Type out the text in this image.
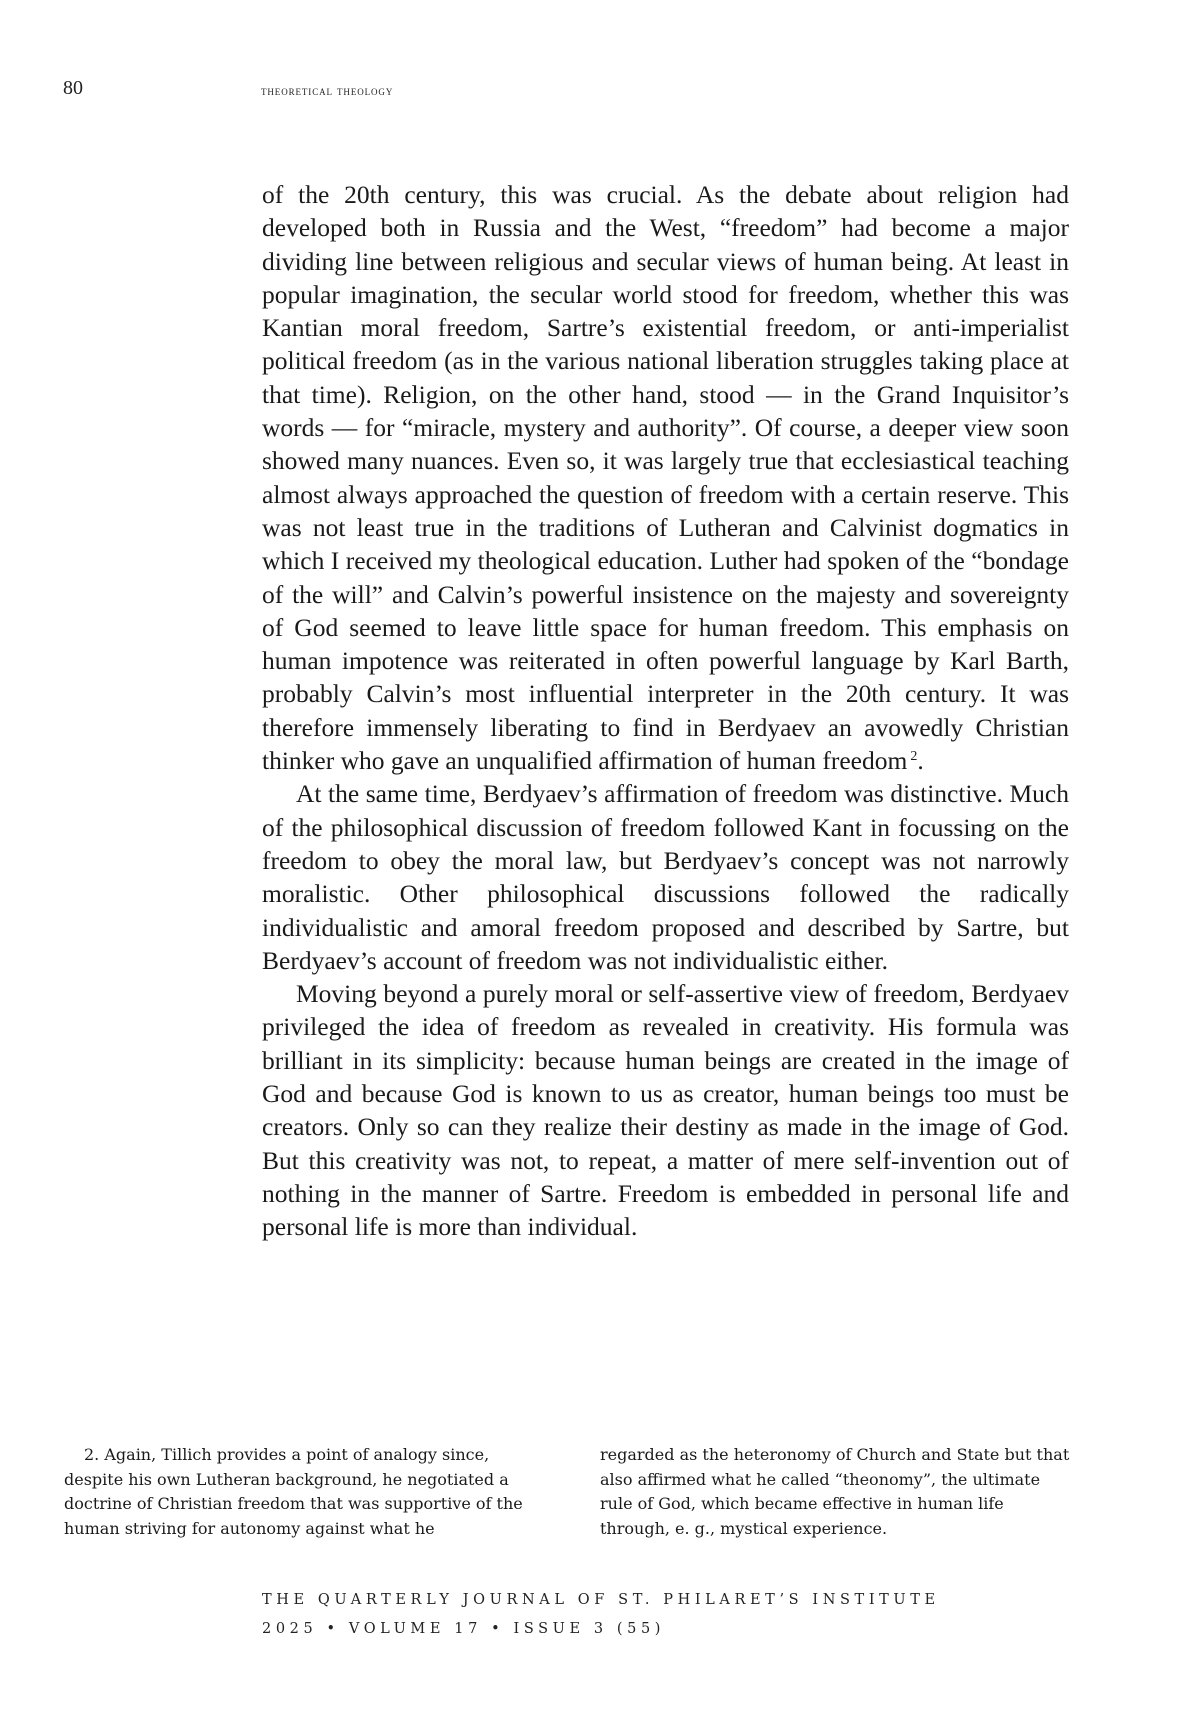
80	theoretical theology

of the 20th century, this was crucial. As the debate about religion had developed both in Russia and the West, “freedom” had become a major dividing line between religious and secular views of human being. At least in popular imagination, the secular world stood for freedom, whether this was Kantian moral freedom, Sartre’s existential freedom, or anti-imperialist political freedom (as in the various national liberation struggles taking place at that time). Religion, on the other hand, stood — in the Grand Inquisitor’s words — for “miracle, mystery and authority”. Of course, a deeper view soon showed many nuances. Even so, it was largely true that ecclesiastical teaching almost always approached the question of freedom with a certain reserve. This was not least true in the traditions of Lutheran and Calvinist dogmatics in which I received my theological education. Luther had spoken of the “bondage of the will” and Calvin’s powerful insistence on the majesty and sovereignty of God seemed to leave little space for human freedom. This emphasis on human impotence was reiterated in often powerful language by Karl Barth, probably Calvin’s most influential interpreter in the 20th century. It was therefore immensely liberating to find in Berdyaev an avowedly Christian thinker who gave an unqualified affirmation of human freedom $^2$.

At the same time, Berdyaev’s affirmation of freedom was distinctive. Much of the philosophical discussion of freedom followed Kant in focussing on the freedom to obey the moral law, but Berdyaev’s concept was not narrowly moralistic. Other philosophical discussions followed the radically individualistic and amoral freedom proposed and described by Sartre, but Berdyaev’s account of freedom was not individualistic either.

Moving beyond a purely moral or self-assertive view of freedom, Berdyaev privileged the idea of freedom as revealed in creativity. His formula was brilliant in its simplicity: because human beings are created in the image of God and because God is known to us as creator, human beings too must be creators. Only so can they realize their destiny as made in the image of God. But this creativity was not, to repeat, a matter of mere self-invention out of nothing in the manner of Sartre. Freedom is embedded in personal life and personal life is more than individual.

2. Again, Tillich provides a point of analogy since, despite his own Lutheran background, he negotiated a doctrine of Christian freedom that was supportive of the human striving for autonomy against what he

regarded as the heteronomy of Church and State but that also affirmed what he called “theonomy”, the ultimate rule of God, which became effective in human life through, e. g., mystical experience.

THE QUARTERLY JOURNAL OF ST. PHILARET’S INSTITUTE
2025 • VOLUME 17 • ISSUE 3 (55)
